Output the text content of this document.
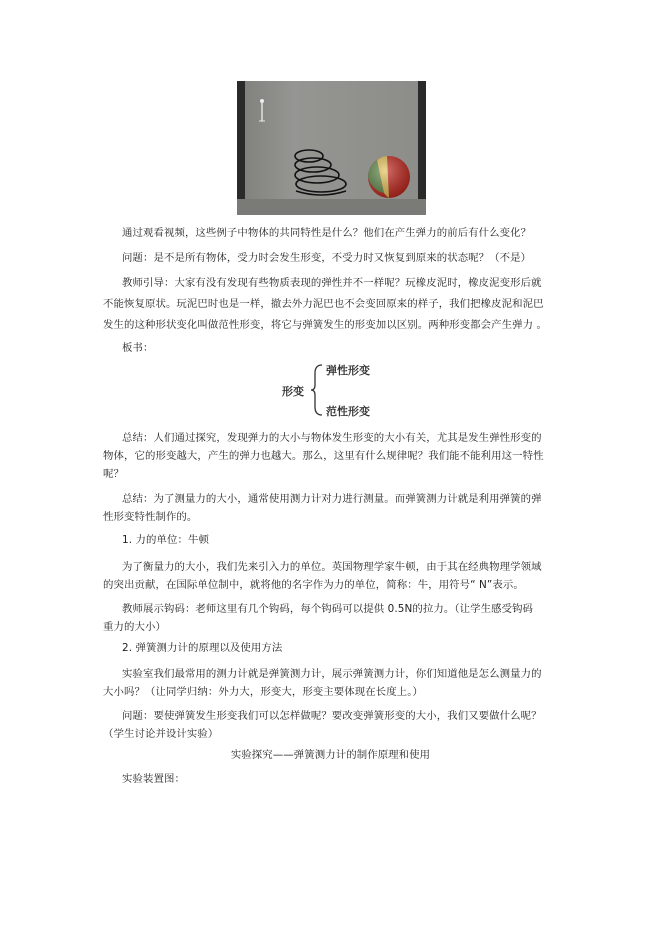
通过观看视频，这些例子中物体的共同特性是什么？他们在产生弹力的前后有什么变化？
问题：是不是所有物体，受力时会发生形变，不受力时又恢复到原来的状态呢？（不是）
教师引导：大家有没有发现有些物质表现的弹性并不一样呢？玩橡皮泥时，橡皮泥变形后就
不能恢复原状。玩泥巴时也是一样，撤去外力泥巴也不会变回原来的样子，我们把橡皮泥和泥巴
发生的这种形状变化叫做范性形变，将它与弹簧发生的形变加以区别。两种形变都会产生弹力 。
板书：
形变
弹性形变
范性形变
总结：人们通过探究，发现弹力的大小与物体发生形变的大小有关，尤其是发生弹性形变的
物体，它的形变越大，产生的弹力也越大。那么，这里有什么规律呢？我们能不能利用这一特性
呢？
总结：为了测量力的大小，通常使用测力计对力进行测量。而弹簧测力计就是利用弹簧的弹
性形变特性制作的。
1. 力的单位：牛顿
为了衡量力的大小，我们先来引入力的单位。英国物理学家牛顿，由于其在经典物理学领域
的突出贡献，在国际单位制中，就将他的名字作为力的单位，简称：牛，用符号“ N”表示。
教师展示钩码：老师这里有几个钩码，每个钩码可以提供 0.5N的拉力。（让学生感受钩码
重力的大小）
2. 弹簧测力计的原理以及使用方法
实验室我们最常用的测力计就是弹簧测力计，展示弹簧测力计，你们知道他是怎么测量力的
大小吗？（让同学归纳：外力大，形变大，形变主要体现在长度上。）
问题：要使弹簧发生形变我们可以怎样做呢？要改变弹簧形变的大小，我们又要做什么呢？
（学生讨论并设计实验）
实验探究——弹簧测力计的制作原理和使用
实验装置图：
